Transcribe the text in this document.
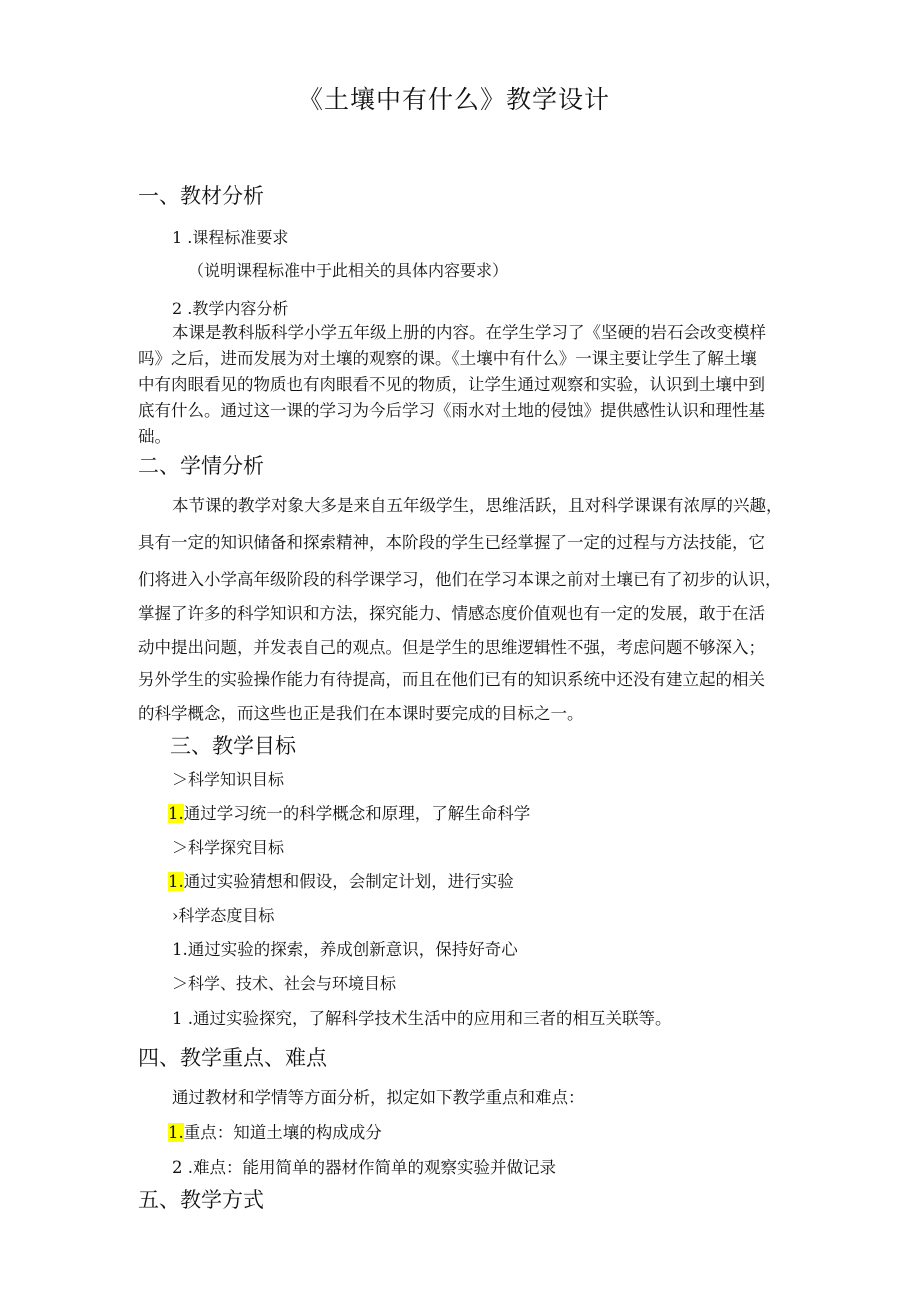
《土壤中有什么》教学设计
一、教材分析
1 .课程标准要求
（说明课程标准中于此相关的具体内容要求）
2 .教学内容分析
本课是教科版科学小学五年级上册的内容。在学生学习了《坚硬的岩石会改变模样
吗》之后，进而发展为对土壤的观察的课。《土壤中有什么》一课主要让学生了解土壤
中有肉眼看见的物质也有肉眼看不见的物质，让学生通过观察和实验，认识到土壤中到
底有什么。通过这一课的学习为今后学习《雨水对土地的侵蚀》提供感性认识和理性基
础。
二、学情分析
本节课的教学对象大多是来自五年级学生，思维活跃，且对科学课课有浓厚的兴趣，
具有一定的知识储备和探索精神，本阶段的学生已经掌握了一定的过程与方法技能，它
们将进入小学高年级阶段的科学课学习，他们在学习本课之前对土壤已有了初步的认识，
掌握了许多的科学知识和方法，探究能力、情感态度价值观也有一定的发展，敢于在活
动中提出问题，并发表自己的观点。但是学生的思维逻辑性不强，考虑问题不够深入；
另外学生的实验操作能力有待提高，而且在他们已有的知识系统中还没有建立起的相关
的科学概念，而这些也正是我们在本课时要完成的目标之一。
三、教学目标
＞科学知识目标
1.通过学习统一的科学概念和原理，了解生命科学
＞科学探究目标
1.通过实验猜想和假设，会制定计划，进行实验
›科学态度目标
1.通过实验的探索，养成创新意识，保持好奇心
＞科学、技术、社会与环境目标
1 .通过实验探究，了解科学技术生活中的应用和三者的相互关联等。
四、教学重点、难点
通过教材和学情等方面分析，拟定如下教学重点和难点：
1.重点：知道土壤的构成成分
2 .难点：能用简单的器材作简单的观察实验并做记录
五、教学方式
